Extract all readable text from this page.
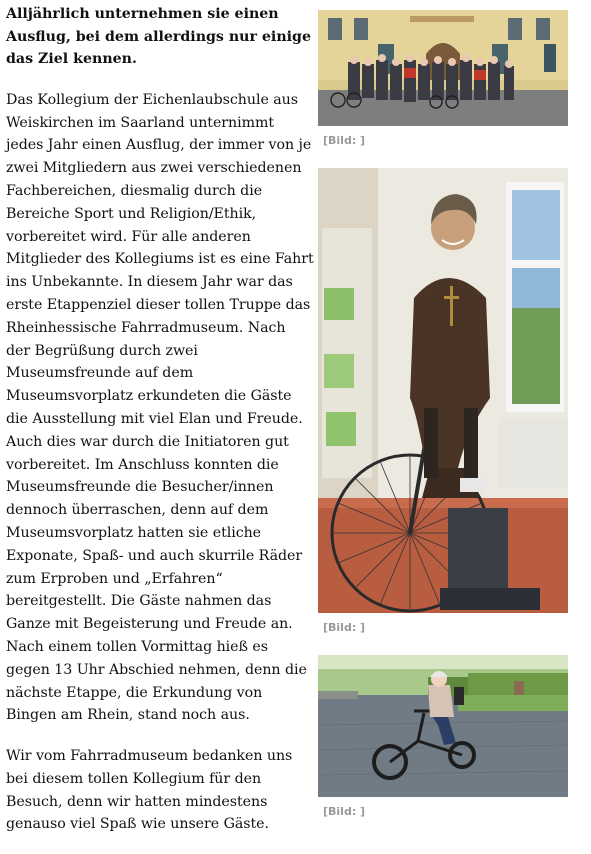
Alljährlich unternehmen sie einen Ausflug, bei dem allerdings nur einige das Ziel kennen.

Das Kollegium der Eichenlaubschule aus Weiskirchen im Saarland unternimmt jedes Jahr einen Ausflug, der immer von je zwei Mitgliedern aus zwei verschiedenen Fachbereichen, diesmalig durch die Bereiche Sport und Religion/Ethik, vorbereitet wird. Für alle anderen Mitglieder des Kollegiums ist es eine Fahrt ins Unbekannte. In diesem Jahr war das erste Etappenziel dieser tollen Truppe das Rheinhessische Fahrradmuseum. Nach der Begrüßung durch zwei Museumsfreunde auf dem Museumsvorplatz erkundeten die Gäste die Ausstellung mit viel Elan und Freude. Auch dies war durch die Initiatoren gut vorbereitet. Im Anschluss konnten die Museumsfreunde die Besucher/innen dennoch überraschen, denn auf dem Museumsvorplatz hatten sie etliche Exponate, Spaß- und auch skurrile Räder zum Erproben und „Erfahren“ bereitgestellt. Die Gäste nahmen das Ganze mit Begeisterung und Freude an. Nach einem tollen Vormittag hieß es gegen 13 Uhr Abschied nehmen, denn die nächste Etappe, die Erkundung von Bingen am Rhein, stand noch aus.

Wir vom Fahrradmuseum bedanken uns bei diesem tollen Kollegium für den Besuch, denn wir hatten mindestens genauso viel Spaß wie unsere Gäste.

[Bild: ]
[Bild: ]
[Bild: ]
